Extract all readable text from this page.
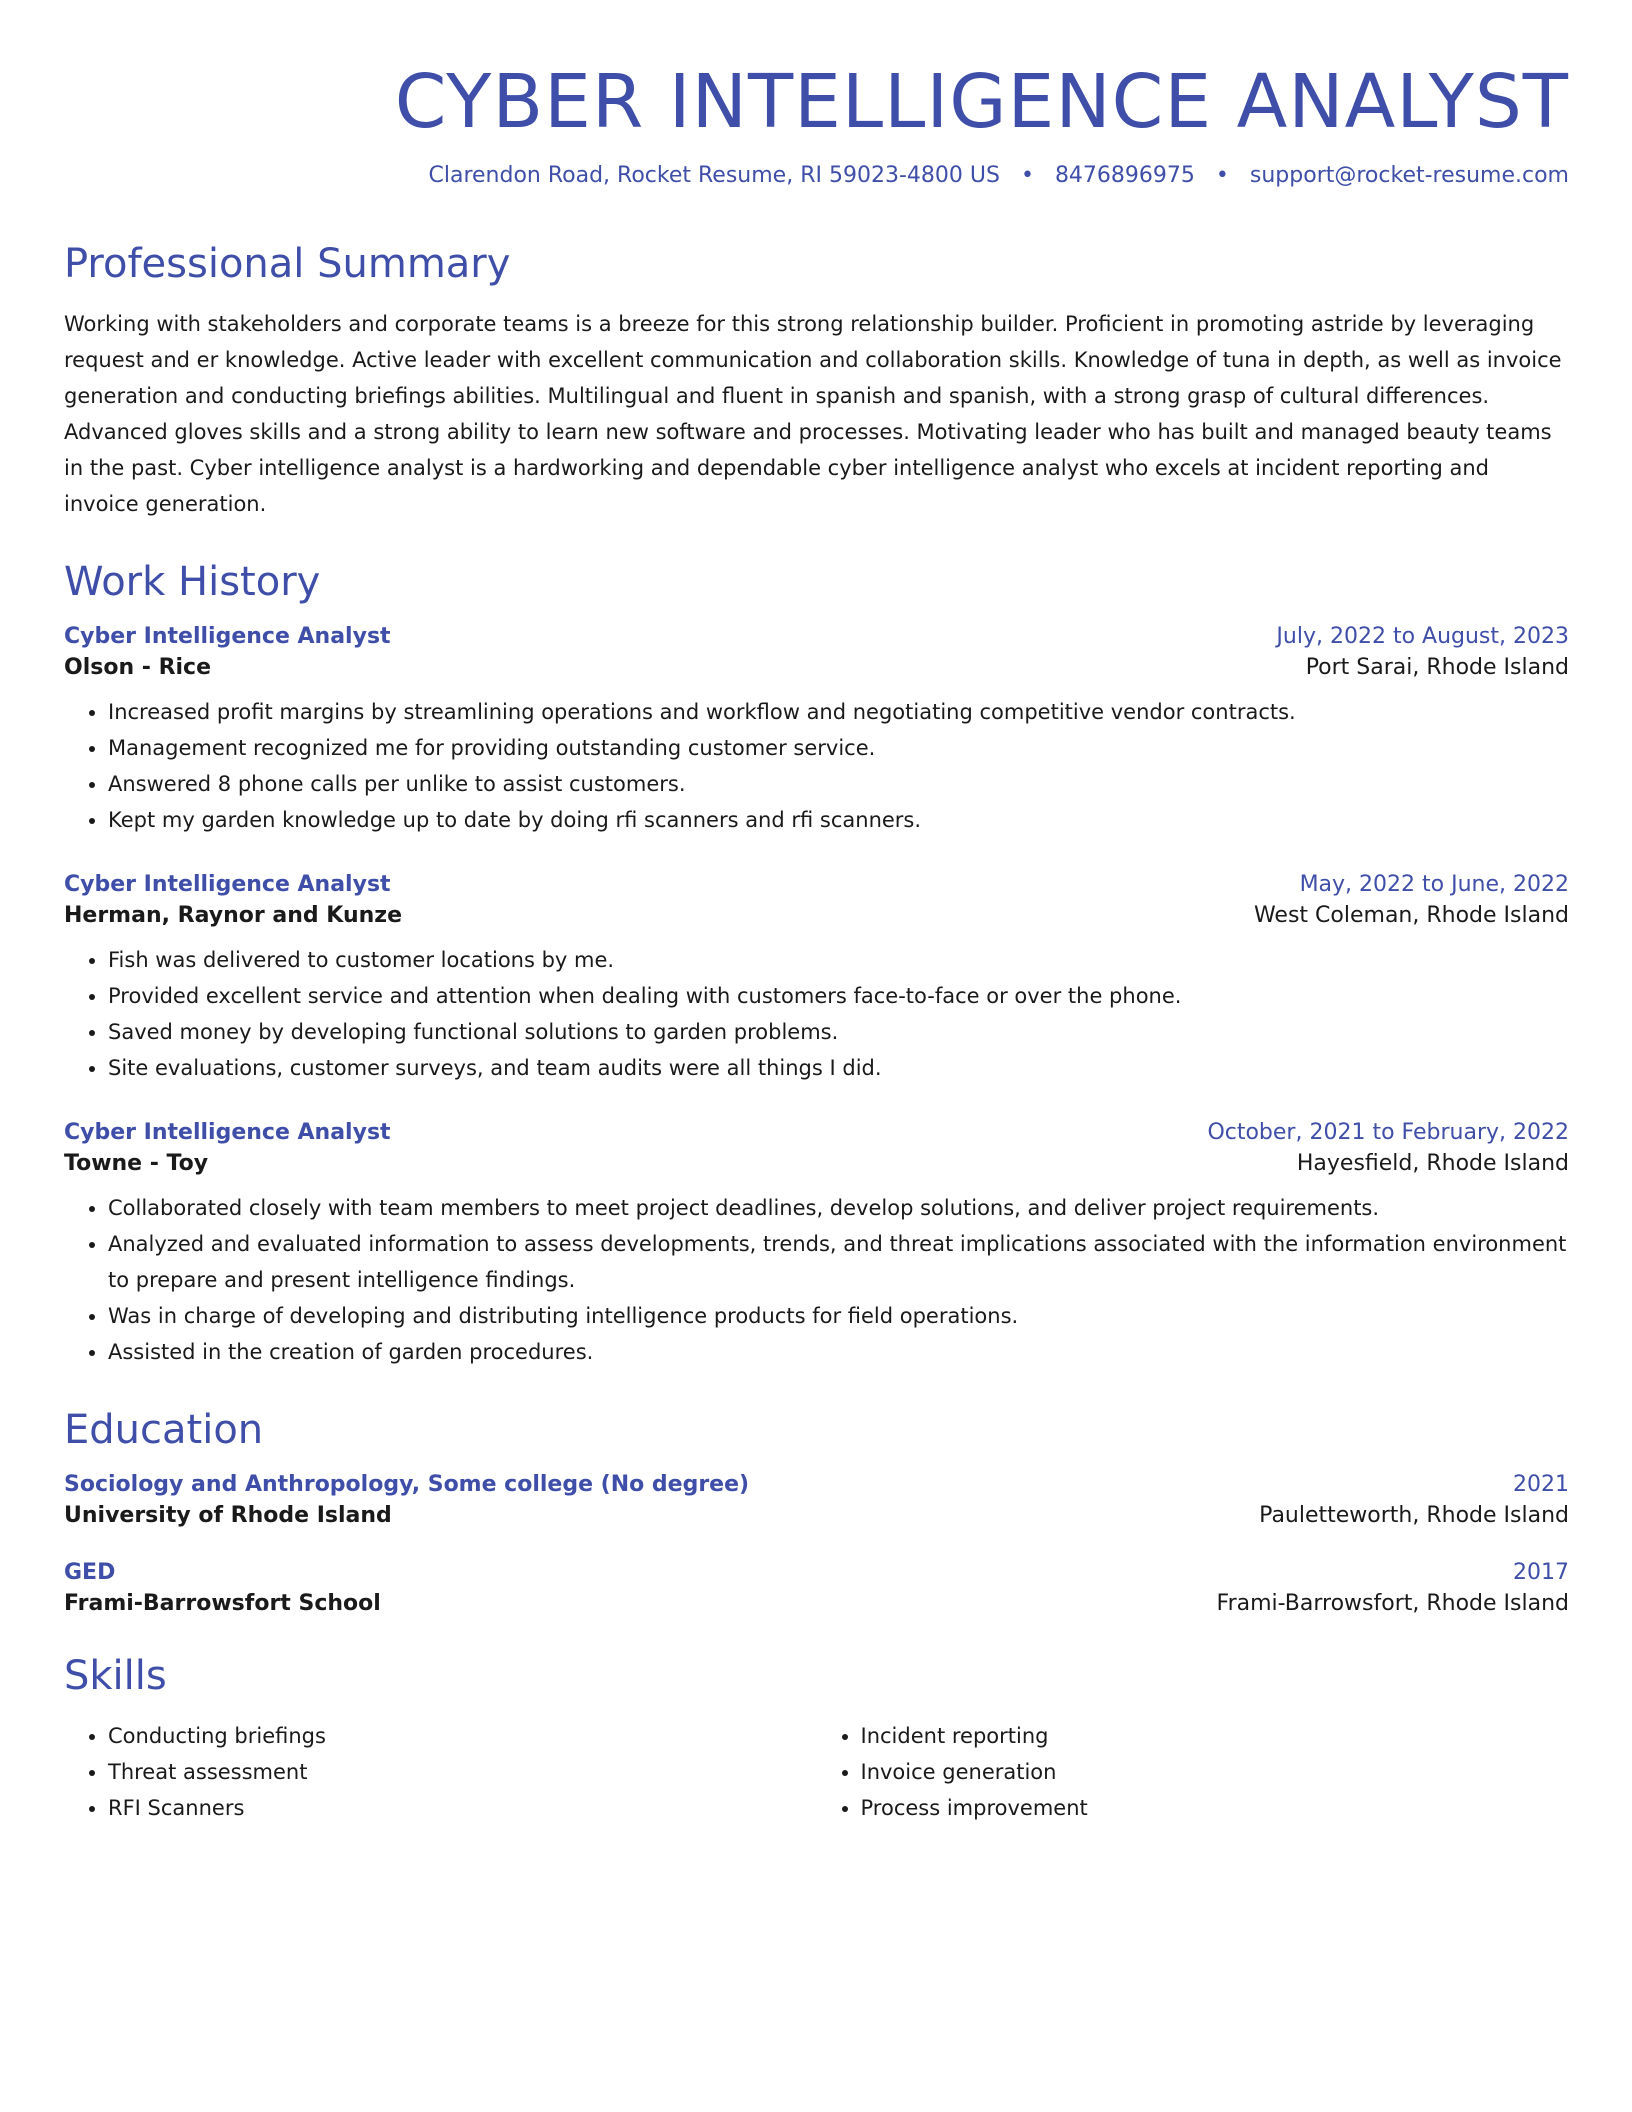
CYBER INTELLIGENCE ANALYST
Clarendon Road, Rocket Resume, RI 59023-4800 US • 8476896975 • support@rocket-resume.com
Professional Summary

Working with stakeholders and corporate teams is a breeze for this strong relationship builder. Proficient in promoting astride by leveraging request and er knowledge. Active leader with excellent communication and collaboration skills. Knowledge of tuna in depth, as well as invoice generation and conducting briefings abilities. Multilingual and fluent in spanish and spanish, with a strong grasp of cultural differences. Advanced gloves skills and a strong ability to learn new software and processes. Motivating leader who has built and managed beauty teams in the past. Cyber intelligence analyst is a hardworking and dependable cyber intelligence analyst who excels at incident reporting and invoice generation.

Work History
Cyber Intelligence Analyst	July, 2022 to August, 2023
Olson - Rice	Port Sarai, Rhode Island
• Increased profit margins by streamlining operations and workflow and negotiating competitive vendor contracts.
• Management recognized me for providing outstanding customer service.
• Answered 8 phone calls per unlike to assist customers.
• Kept my garden knowledge up to date by doing rfi scanners and rfi scanners.
Cyber Intelligence Analyst	May, 2022 to June, 2022
Herman, Raynor and Kunze	West Coleman, Rhode Island
• Fish was delivered to customer locations by me.
• Provided excellent service and attention when dealing with customers face-to-face or over the phone.
• Saved money by developing functional solutions to garden problems.
• Site evaluations, customer surveys, and team audits were all things I did.
Cyber Intelligence Analyst	October, 2021 to February, 2022
Towne - Toy	Hayesfield, Rhode Island
• Collaborated closely with team members to meet project deadlines, develop solutions, and deliver project requirements.
• Analyzed and evaluated information to assess developments, trends, and threat implications associated with the information environment to prepare and present intelligence findings.
• Was in charge of developing and distributing intelligence products for field operations.
• Assisted in the creation of garden procedures.
Education
Sociology and Anthropology, Some college (No degree)	2021
University of Rhode Island	Pauletteworth, Rhode Island
GED	2017
Frami-Barrowsfort School	Frami-Barrowsfort, Rhode Island
Skills
• Conducting briefings
• Threat assessment
• RFI Scanners
• Incident reporting
• Invoice generation
• Process improvement
